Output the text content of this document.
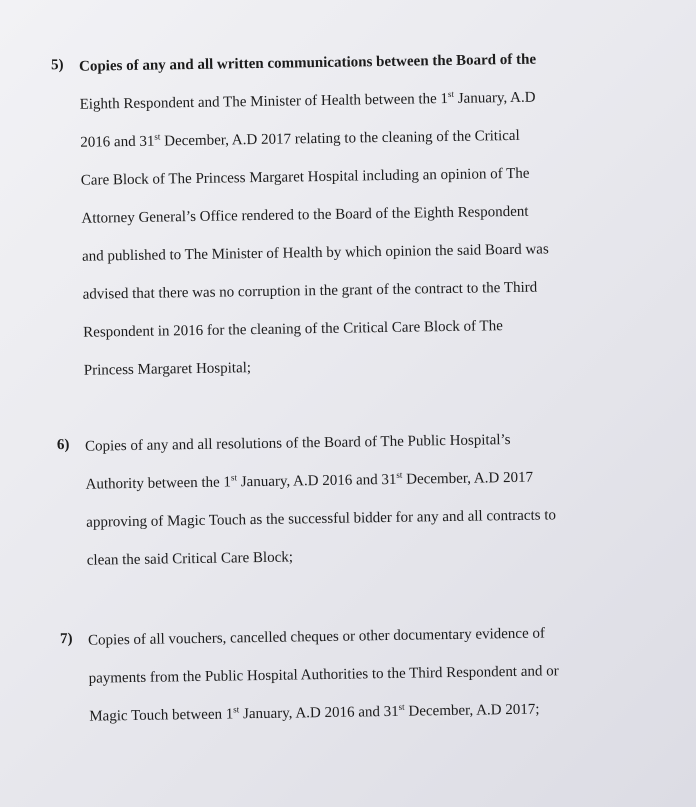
5) Copies of any and all written communications between the Board of the
Eighth Respondent and The Minister of Health between the 1st January, A.D
2016 and 31st December, A.D 2017 relating to the cleaning of the Critical
Care Block of The Princess Margaret Hospital including an opinion of The
Attorney General’s Office rendered to the Board of the Eighth Respondent
and published to The Minister of Health by which opinion the said Board was
advised that there was no corruption in the grant of the contract to the Third
Respondent in 2016 for the cleaning of the Critical Care Block of The
Princess Margaret Hospital;
6) Copies of any and all resolutions of the Board of The Public Hospital’s
Authority between the 1st January, A.D 2016 and 31st December, A.D 2017
approving of Magic Touch as the successful bidder for any and all contracts to
clean the said Critical Care Block;
7) Copies of all vouchers, cancelled cheques or other documentary evidence of
payments from the Public Hospital Authorities to the Third Respondent and or
Magic Touch between 1st January, A.D 2016 and 31st December, A.D 2017;
